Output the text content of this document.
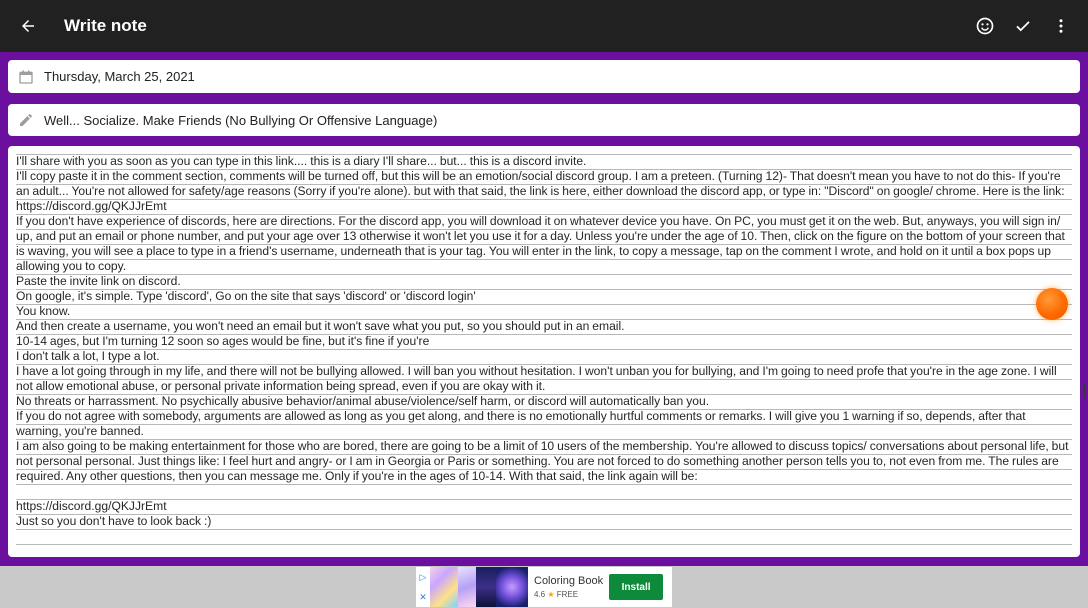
Write note
Thursday, March 25, 2021
Well... Socialize. Make Friends (No Bullying Or Offensive Language)

I'll share with you as soon as you can type in this link.... this is a diary I'll share... but... this is a discord invite.

I'll copy paste it in the comment section, comments will be turned off, but this will be an emotion/social discord group. I am a preteen. (Turning 12)- That doesn't mean you have to not do this- If you're an adult... You're not allowed for safety/age reasons (Sorry if you're alone). but with that said, the link is here, either download the discord app, or type in: "Discord" on google/ chrome. Here is the link: https://discord.gg/QKJJrEmt

If you don't have experience of discords, here are directions. For the discord app, you will download it on whatever device you have. On PC, you must get it on the web. But, anyways, you will sign in/ up, and put an email or phone number, and put your age over 13 otherwise it won't let you use it for a day. Unless you're under the age of 10. Then, click on the figure on the bottom of your screen that is waving, you will see a place to type in a friend's username, underneath that is your tag. You will enter in the link, to copy a message, tap on the comment I wrote, and hold on it until a box pops up allowing you to copy.

Paste the invite link on discord.

On google, it's simple. Type 'discord', Go on the site that says 'discord' or 'discord login'

You know.

And then create a username, you won't need an email but it won't save what you put, so you should put in an email.

10-14 ages, but I'm turning 12 soon so ages would be fine, but it's fine if you're

I don't talk a lot, I type a lot.

I have a lot going through in my life, and there will not be bullying allowed. I will ban you without hesitation. I won't unban you for bullying, and I'm going to need profe that you're in the age zone. I will not allow emotional abuse, or personal private information being spread, even if you are okay with it.

No threats or harrassment. No psychically abusive behavior/animal abuse/violence/self harm, or discord will automatically ban you.

If you do not agree with somebody, arguments are allowed as long as you get along, and there is no emotionally hurtful comments or remarks. I will give you 1 warning if so, depends, after that warning, you're banned.

I am also going to be making entertainment for those who are bored, there are going to be a limit of 10 users of the membership. You're allowed to discuss topics/ conversations about personal life, but not personal personal. Just things like: I feel hurt and angry- or I am in Georgia or Paris or something. You are not forced to do something another person tells you to, not even from me. The rules are required. Any other questions, then you can message me. Only if you're in the ages of 10-14. With that said, the link again will be:

https://discord.gg/QKJJrEmt

Just so you don't have to look back :)

▷
✕
Coloring Book
4.6 ★ FREE
Install
